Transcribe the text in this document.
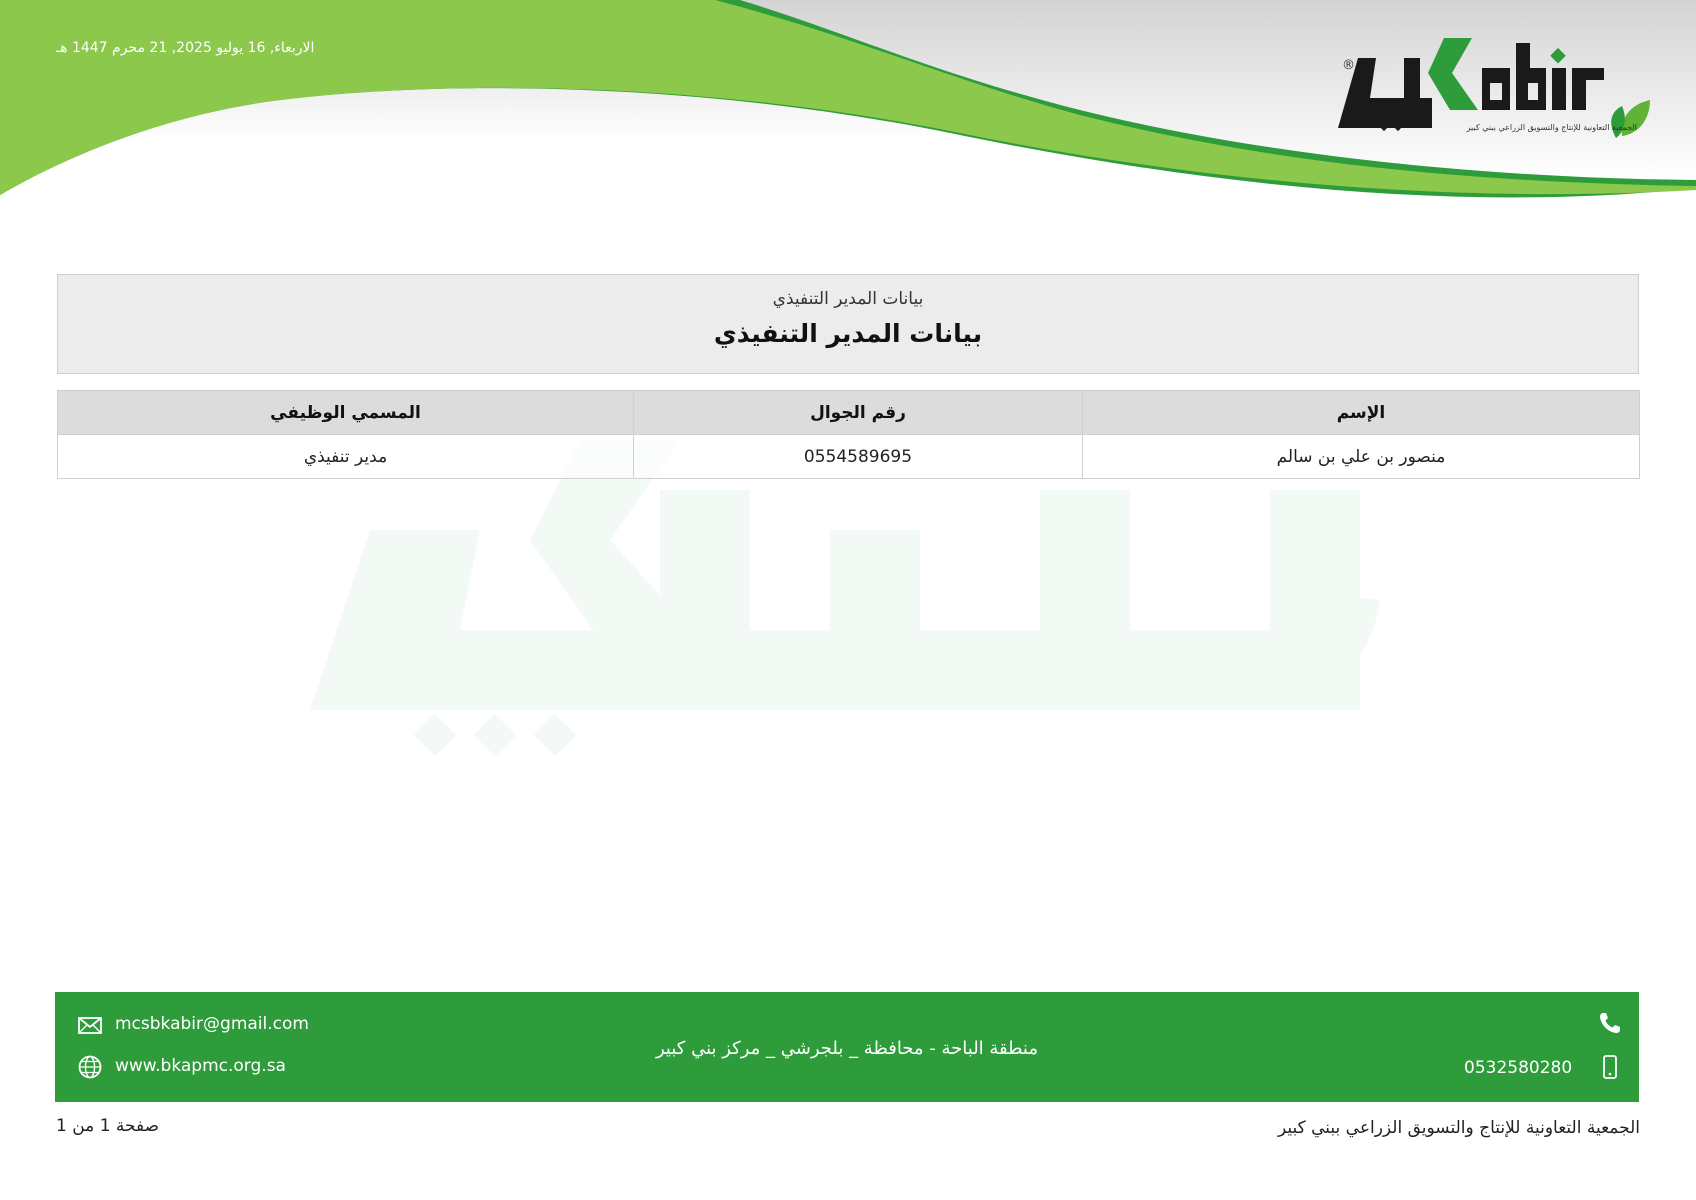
الاربعاء, 16 يوليو 2025, 21 محرم 1447 هـ
®
الجمعية التعاونية للإنتاج والتسويق الزراعي ببني كبير
بيانات المدير التنفيذي
بيانات المدير التنفيذي
الإسم	رقم الجوال	المسمي الوظيفي
منصور بن علي بن سالم	0554589695	مدير تنفيذي
mcsbkabir@gmail.com
www.bkapmc.org.sa
منطقة الباحة - محافظة _ بلجرشي _ مركز بني كبير
0532580280
صفحة 1 من 1	الجمعية التعاونية للإنتاج والتسويق الزراعي ببني كبير
